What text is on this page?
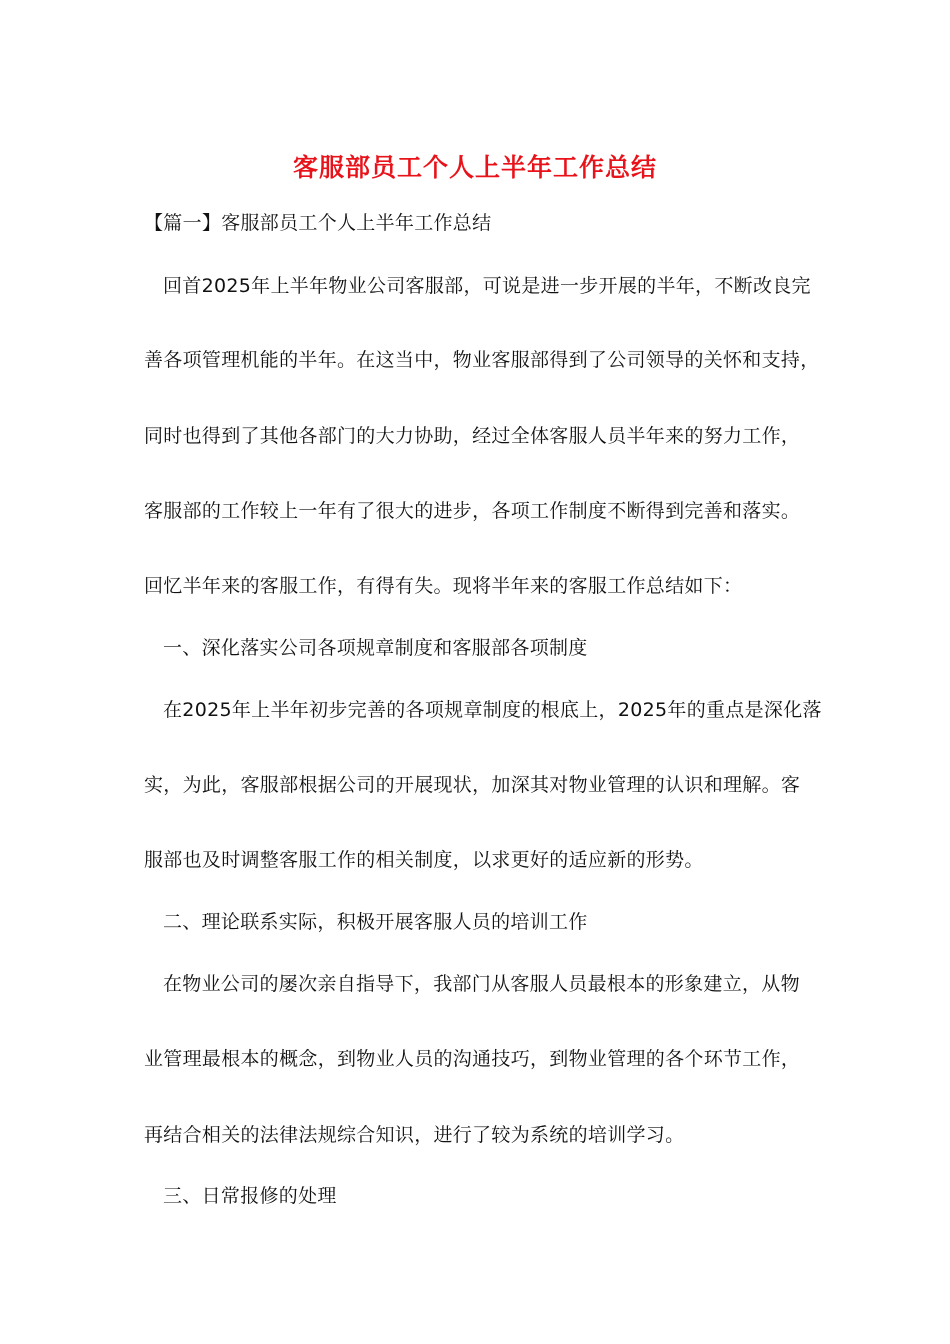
客服部员工个人上半年工作总结
【篇一】客服部员工个人上半年工作总结
回首2025年上半年物业公司客服部，可说是进一步开展的半年，不断改良完
善各项管理机能的半年。在这当中，物业客服部得到了公司领导的关怀和支持，
同时也得到了其他各部门的大力协助，经过全体客服人员半年来的努力工作，
客服部的工作较上一年有了很大的进步，各项工作制度不断得到完善和落实。
回忆半年来的客服工作，有得有失。现将半年来的客服工作总结如下：
一、深化落实公司各项规章制度和客服部各项制度
在2025年上半年初步完善的各项规章制度的根底上，2025年的重点是深化落
实，为此，客服部根据公司的开展现状，加深其对物业管理的认识和理解。客
服部也及时调整客服工作的相关制度，以求更好的适应新的形势。
二、理论联系实际，积极开展客服人员的培训工作
在物业公司的屡次亲自指导下，我部门从客服人员最根本的形象建立，从物
业管理最根本的概念，到物业人员的沟通技巧，到物业管理的各个环节工作，
再结合相关的法律法规综合知识，进行了较为系统的培训学习。
三、日常报修的处理
